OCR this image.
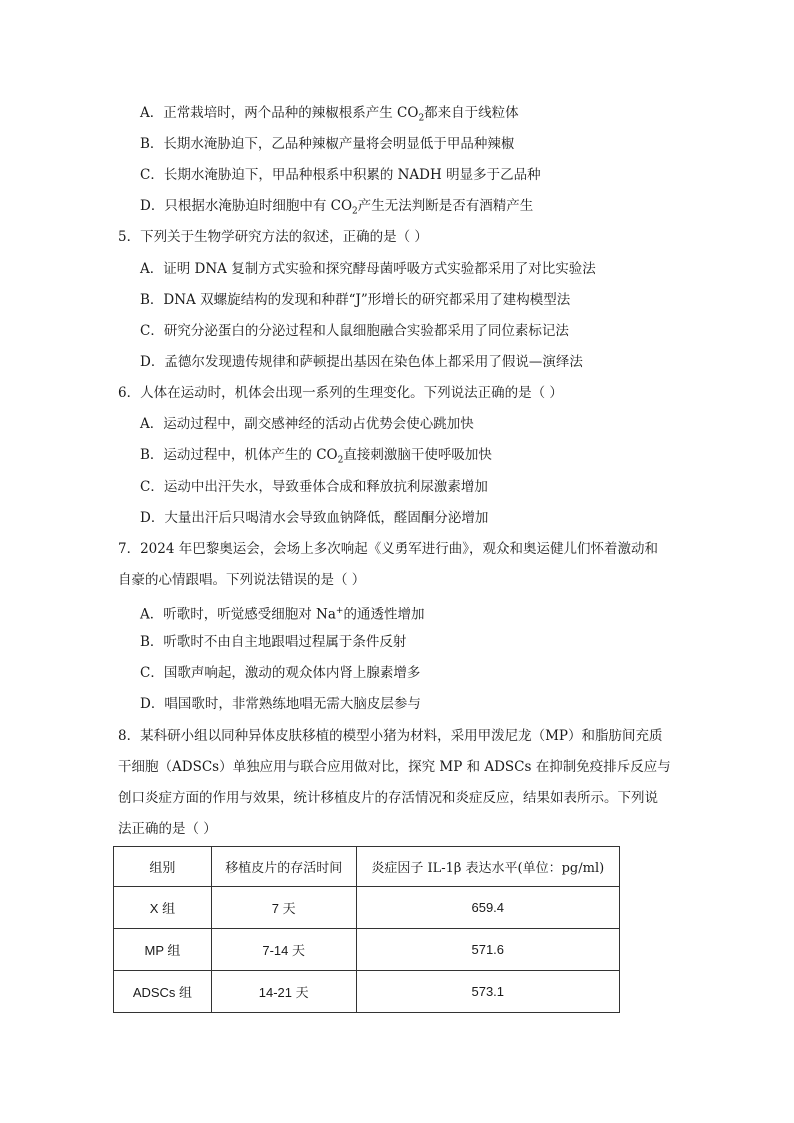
A．正常栽培时，两个品种的辣椒根系产生 $CO_2$都来自于线粒体
B．长期水淹胁迫下，乙品种辣椒产量将会明显低于甲品种辣椒
C．长期水淹胁迫下，甲品种根系中积累的 NADH 明显多于乙品种
D．只根据水淹胁迫时细胞中有 $CO_2$产生无法判断是否有酒精产生
5．下列关于生物学研究方法的叙述，正确的是（ ）
A．证明 DNA 复制方式实验和探究酵母菌呼吸方式实验都采用了对比实验法
B．DNA 双螺旋结构的发现和种群“J”形增长的研究都采用了建构模型法
C．研究分泌蛋白的分泌过程和人鼠细胞融合实验都采用了同位素标记法
D．孟德尔发现遗传规律和萨顿提出基因在染色体上都采用了假说—演绎法
6．人体在运动时，机体会出现一系列的生理变化。下列说法正确的是（ ）
A．运动过程中，副交感神经的活动占优势会使心跳加快
B．运动过程中，机体产生的 $CO_2$直接刺激脑干使呼吸加快
C．运动中出汗失水，导致垂体合成和释放抗利尿激素增加
D．大量出汗后只喝清水会导致血钠降低，醛固酮分泌增加
7．2024 年巴黎奥运会，会场上多次响起《义勇军进行曲》，观众和奥运健儿们怀着激动和
自豪的心情跟唱。下列说法错误的是（ ）
A．听歌时，听觉感受细胞对 Na+的通透性增加
B．听歌时不由自主地跟唱过程属于条件反射
C．国歌声响起，激动的观众体内肾上腺素增多
D．唱国歌时，非常熟练地唱无需大脑皮层参与
8．某科研小组以同种异体皮肤移植的模型小猪为材料，采用甲泼尼龙（MP）和脂肪间充质
干细胞（ADSCs）单独应用与联合应用做对比，探究 MP 和 ADSCs 在抑制免疫排斥反应与
创口炎症方面的作用与效果，统计移植皮片的存活情况和炎症反应，结果如表所示。下列说
法正确的是（ ）
组别	移植皮片的存活时间	炎症因子 IL-1β 表达水平(单位：pg/ml)
X 组	7 天	659.4
MP 组	7-14 天	571.6
ADSCs 组	14-21 天	573.1
